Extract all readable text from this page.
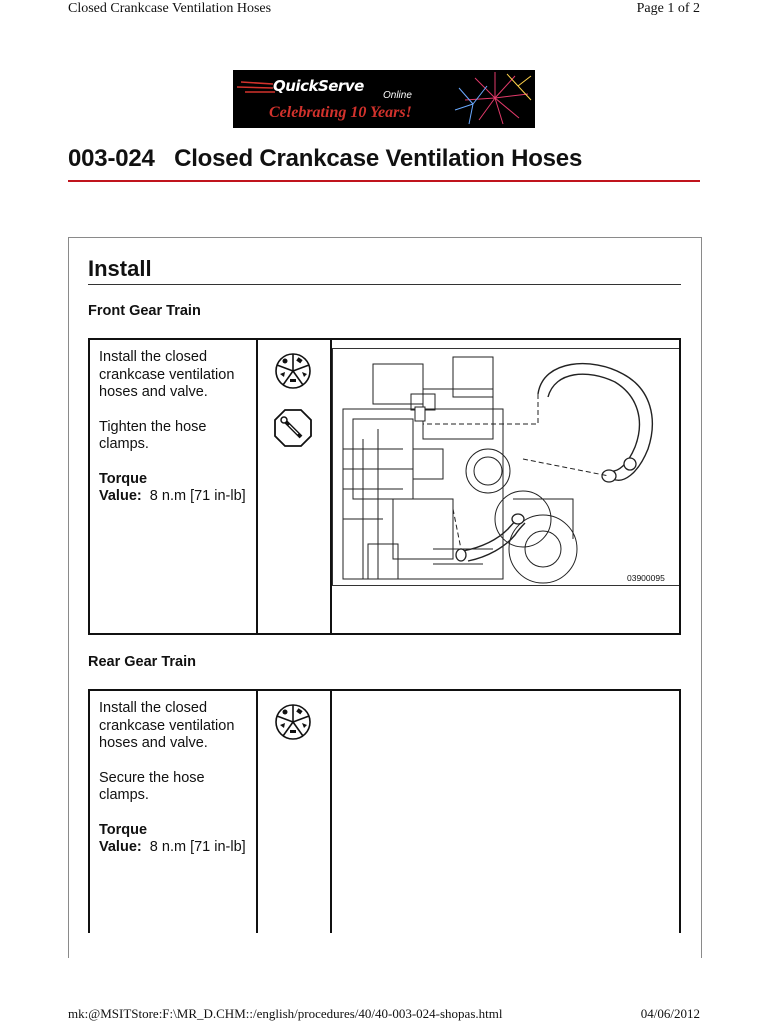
Closed Crankcase Ventilation Hoses	Page 1 of 2
QuickServe
Online
Celebrating 10 Years!
003-024   Closed Crankcase Ventilation Hoses
Install
Front Gear Train

Install the closed crankcase ventilation hoses and valve.

Tighten the hose clamps.

Torque
Value: 8 n.m [71 in-lb]
03900095
Rear Gear Train

Install the closed crankcase ventilation hoses and valve.

Secure the hose clamps.

Torque
Value: 8 n.m [71 in-lb]
mk:@MSITStore:F:\MR_D.CHM::/english/procedures/40/40-003-024-shopas.html	04/06/2012
